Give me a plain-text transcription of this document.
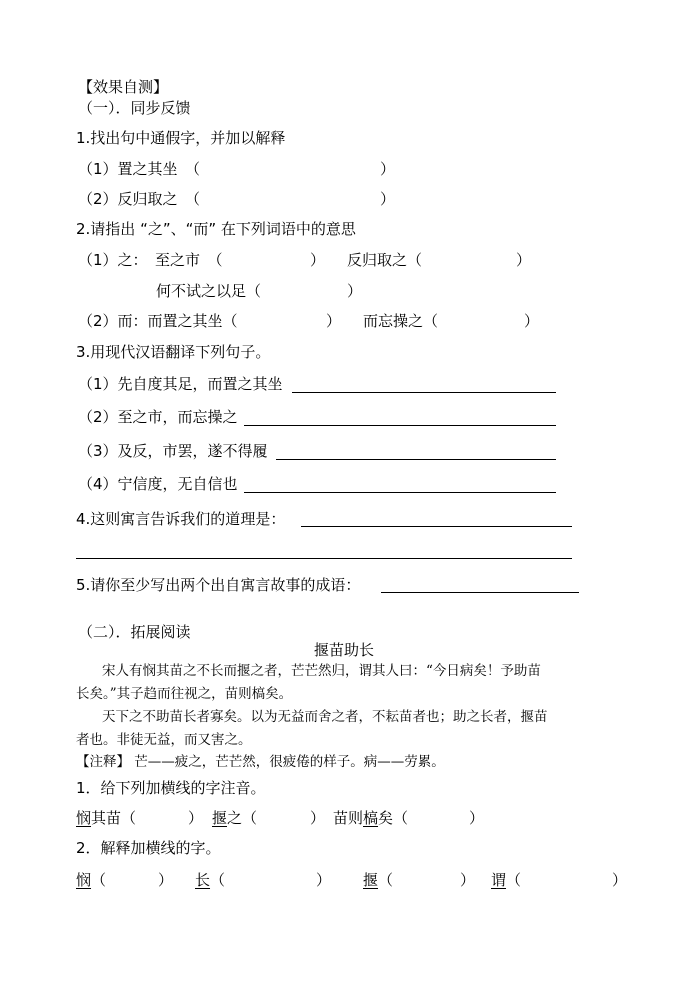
【效果自测】
（一）．同步反馈
1.找出句中通假字，并加以解释
（1）置之其坐　（	）
（2）反归取之　（	）
2.请指出 “之”、“而” 在下列词语中的意思
（1）之：　至之市　（	） 反归取之（	）
何不试之以足（	）
（2）而：而置之其坐（	） 而忘操之（	）
3.用现代汉语翻译下列句子。
（1）先自度其足，而置之其坐
（2）至之市，而忘操之
（3）及反，市罢，遂不得履
（4）宁信度，无自信也
4.这则寓言告诉我们的道理是：
5.请你至少写出两个出自寓言故事的成语：
（二）．拓展阅读
揠苗助长
宋人有悯其苗之不长而揠之者，芒芒然归，谓其人曰：“今日病矣！予助苗
长矣。”其子趋而往视之，苗则槁矣。
天下之不助苗长者寡矣。以为无益而舍之者，不耘苗者也；助之长者，揠苗
者也。非徒无益，而又害之。
【注释】 芒——疲之，芒芒然，很疲倦的样子。病——劳累。
1．给下列加横线的字注音。
悯其苗（	） 揠之（	） 苗则槁矣（	）
2．解释加横线的字。
悯（	） 长（	） 揠（	） 谓（	）
